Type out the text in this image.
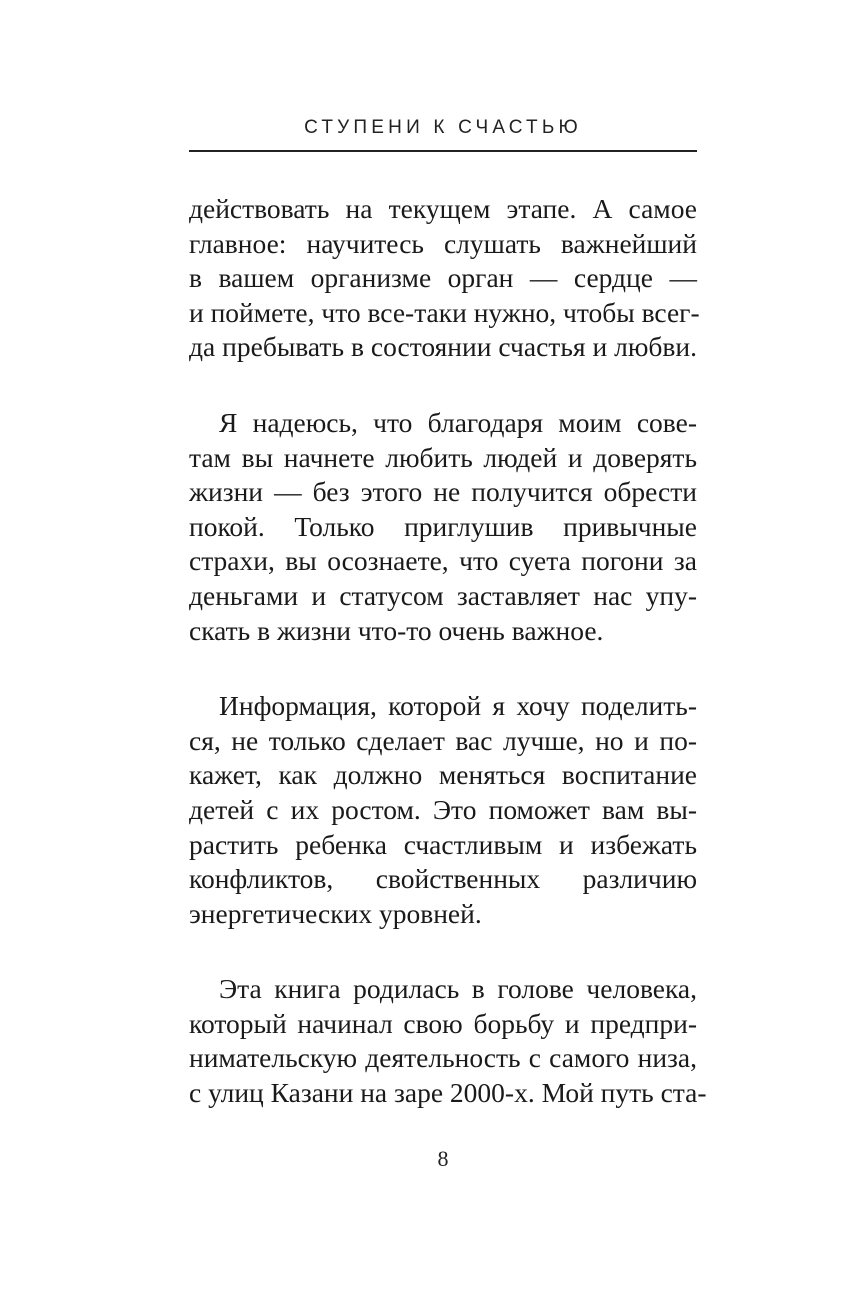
СТУПЕНИ К СЧАСТЬЮ

действовать на текущем этапе. А самое
главное: научитесь слушать важнейший
в вашем организме орган — сердце —
и поймете, что все-таки нужно, чтобы всег-
да пребывать в состоянии счастья и любви.

Я надеюсь, что благодаря моим сове-
там вы начнете любить людей и доверять
жизни — без этого не получится обрести
покой. Только приглушив привычные
страхи, вы осознаете, что суета погони за
деньгами и статусом заставляет нас упу-
скать в жизни что-то очень важное.

Информация, которой я хочу поделить-
ся, не только сделает вас лучше, но и по-
кажет, как должно меняться воспитание
детей с их ростом. Это поможет вам вы-
растить ребенка счастливым и избежать
конфликтов, свойственных различию
энергетических уровней.

Эта книга родилась в голове человека,
который начинал свою борьбу и предпри-
нимательскую деятельность с самого низа,
с улиц Казани на заре 2000-х. Мой путь ста-

8
